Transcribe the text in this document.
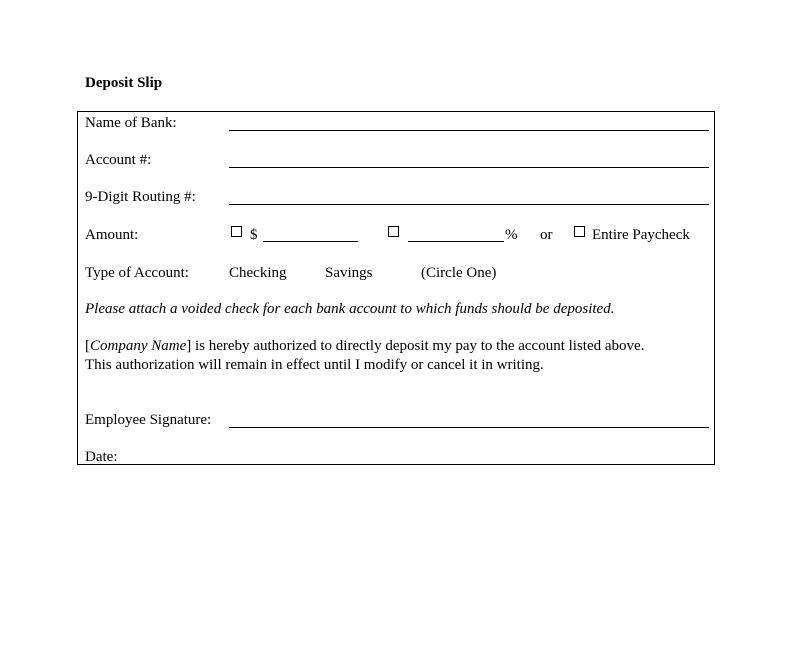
Deposit Slip
Name of Bank:
Account #:
9-Digit Routing #:
Amount:	$	% or	Entire Paycheck
Type of Account:	Checking	Savings	(Circle One)
Please attach a voided check for each bank account to which funds should be deposited.
[Company Name] is hereby authorized to directly deposit my pay to the account listed above.
This authorization will remain in effect until I modify or cancel it in writing.
Employee Signature:
Date:
